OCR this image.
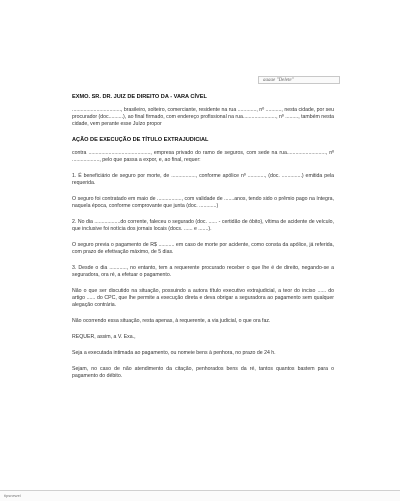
aaaae "Delete"

EXMO. SR. DR. JUIZ DE DIREITO DA - VARA CÍVEL

.................................., brasileiro, solteiro, comerciante, residente na rua ............., nº ..........., nesta cidade, por seu procurador (doc..........), ao final firmado, com endereço profissional na rua......................., nº ........., também nesta cidade, vem perante esse Juízo propor

AÇÃO DE EXECUÇÃO DE TÍTULO EXTRAJUDICIAL

contra ..........................................., empresa privado do ramo de seguros, com sede na rua..........................., nº ..................., pelo que passa a expor, e, ao final, requer:

1. É beneficiário de seguro por morte, de ................., conforme apólice nº ............, (doc. ..............) emitida pela requerida.

O seguro foi contratado em maio de ................., com validade de .......anos, tendo sido o prêmio pago na íntegra, naquela época, conforme comprovante que junta (doc. ............)

2. No dia ..................do corrente, faleceu o segurado (doc. ...... - certidão de óbito), vítima de acidente de veículo, que inclusive foi notícia dos jornais locais (docs. ...... e .......).

O seguro previa o pagamento de R$ ........... em caso de morte por acidente, como consta da apólice, já referida, com prazo de efetivação máximo, de 5 dias.

3. Desde o dia ............, no entanto, tem a requerente procurado receber o que lhe é de direito, negando-se a seguradora, ora ré, a efetuar o pagamento.

Não o que ser discutido na situação, possuindo a autora título executivo extrajudicial, a teor do inciso ...... do artigo ...... do CPC, que lhe permite a execução direta e deva obrigar a seguradora ao pagamento sem qualquer alegação contrária.

Não ocorrendo essa situação, resta apenas, à requerente, a via judicial, o que ora faz.

REQUER, assim, a V. Exa.,

Seja a executada intimada ao pagamento, ou nomeie bens à penhora, no prazo de 24 h.

Sejam, no caso de não atendimento da citação, penhorados bens da ré, tantos quantos bastem para o pagamento do débito.

tipsnewel
